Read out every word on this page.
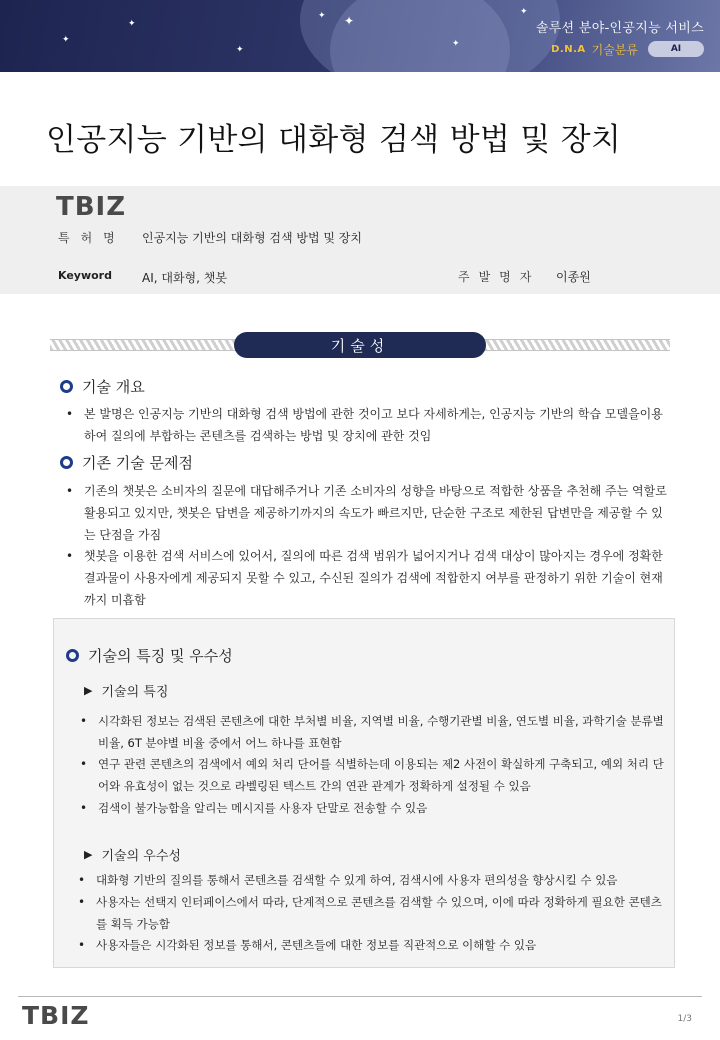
✦
✦
✦
✦ ✦
✦
✦
솔루션 분야-인공지능 서비스
D.N.A 기술분류	AI
인공지능 기반의 대화형 검색 방법 및 장치
TBIZ
특허명 인공지능 기반의 대화형 검색 방법 및 장치
Keyword	AI, 대화형, 챗봇	주발명자 이종원
기술성
기술 개요
• 본 발명은 인공지능 기반의 대화형 검색 방법에 관한 것이고 보다 자세하게는, 인공지능 기반의 학습 모델을이용하여 질의에 부합하는 콘텐츠를 검색하는 방법 및 장치에 관한 것임
기존 기술 문제점
• 기존의 챗봇은 소비자의 질문에 대답해주거나 기존 소비자의 성향을 바탕으로 적합한 상품을 추천해 주는 역할로 활용되고 있지만, 챗봇은 답변을 제공하기까지의 속도가 빠르지만, 단순한 구조로 제한된 답변만을 제공할 수 있는 단점을 가짐
• 챗봇을 이용한 검색 서비스에 있어서, 질의에 따른 검색 범위가 넓어지거나 검색 대상이 많아지는 경우에 정확한 결과물이 사용자에게 제공되지 못할 수 있고, 수신된 질의가 검색에 적합한지 여부를 판정하기 위한 기술이 현재까지 미흡함
기술의 특징 및 우수성
▶ 기술의 특징
• 시각화된 정보는 검색된 콘텐츠에 대한 부처별 비율, 지역별 비율, 수행기관별 비율, 연도별 비율, 과학기술 분류별 비율, 6T 분야별 비율 중에서 어느 하나를 표현함
• 연구 관련 콘텐츠의 검색에서 예외 처리 단어를 식별하는데 이용되는 제2 사전이 확실하게 구축되고, 예외 처리 단어와 유효성이 없는 것으로 라벨링된 텍스트 간의 연관 관계가 정확하게 설정될 수 있음
• 검색이 불가능함을 알리는 메시지를 사용자 단말로 전송할 수 있음
▶ 기술의 우수성
• 대화형 기반의 질의를 통해서 콘텐츠를 검색할 수 있게 하여, 검색시에 사용자 편의성을 향상시킬 수 있음
• 사용자는 선택지 인터페이스에서 따라, 단계적으로 콘텐츠를 검색할 수 있으며, 이에 따라 정확하게 필요한 콘텐츠를 획득 가능함
• 사용자들은 시각화된 정보를 통해서, 콘텐츠들에 대한 정보를 직관적으로 이해할 수 있음
TBIZ	1/3
